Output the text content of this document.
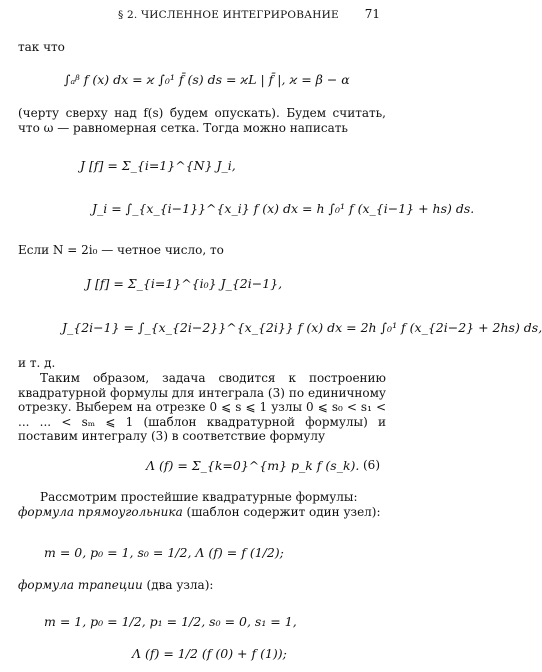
§ 2. ЧИСЛЕННОЕ ИНТЕГРИРОВАНИЕ 71
так что
∫ₐᵝ f (x) dx = ϰ ∫₀¹ f̄ (s) ds = ϰL | f̄ |, ϰ = β − α
(черту сверху над f(s) будем опускать). Будем считать, что ω — равномерная сетка. Тогда можно написать
J [f] = Σ_{i=1}^{N} J_i,
J_i = ∫_{x_{i−1}}^{x_i} f (x) dx = h ∫₀¹ f (x_{i−1} + hs) ds.
Если N = 2i₀ — четное число, то
J [f] = Σ_{i=1}^{i₀} J_{2i−1},
J_{2i−1} = ∫_{x_{2i−2}}^{x_{2i}} f (x) dx = 2h ∫₀¹ f (x_{2i−2} + 2hs) ds,
и т. д.
Таким образом, задача сводится к построению квадратурной формулы для интеграла (3) по единичному отрезку. Выберем на отрезке 0 ⩽ s ⩽ 1 узлы 0 ⩽ s₀ < s₁ < ... ... < sₘ ⩽ 1 (шаблон квадратурной формулы) и поставим интегралу (3) в соответствие формулу
Λ (f) = Σ_{k=0}^{m} p_k f (s_k). (6)
Рассмотрим простейшие квадратурные формулы:
формула прямоугольника (шаблон содержит один узел):
m = 0, p₀ = 1, s₀ = 1/2, Λ (f) = f (1/2);
формула трапеции (два узла):
m = 1, p₀ = 1/2, p₁ = 1/2, s₀ = 0, s₁ = 1,
Λ (f) = 1/2 (f (0) + f (1));
